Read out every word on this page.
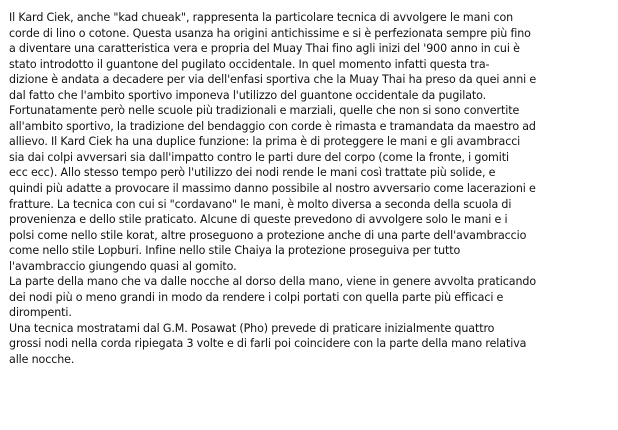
Il Kard Ciek, anche "kad chueak", rappresenta la particolare tecnica di avvolgere le mani con
corde di lino o cotone. Questa usanza ha origini antichissime e si è perfezionata sempre più fino
a diventare una caratteristica vera e propria del Muay Thai fino agli inizi del '900 anno in cui è
stato introdotto il guantone del pugilato occidentale. In quel momento infatti questa tra-
dizione è andata a decadere per via dell'enfasi sportiva che la Muay Thai ha preso da quei anni e
dal fatto che l'ambito sportivo imponeva l'utilizzo del guantone occidentale da pugilato.
Fortunatamente però nelle scuole più tradizionali e marziali, quelle che non si sono convertite
all'ambito sportivo, la tradizione del bendaggio con corde è rimasta e tramandata da maestro ad
allievo. Il Kard Ciek ha una duplice funzione: la prima è di proteggere le mani e gli avambracci
sia dai colpi avversari sia dall'impatto contro le parti dure del corpo (come la fronte, i gomiti
ecc ecc). Allo stesso tempo però l'utilizzo dei nodi rende le mani così trattate più solide, e
quindi più adatte a provocare il massimo danno possibile al nostro avversario come lacerazioni e
fratture. La tecnica con cui si "cordavano" le mani, è molto diversa a seconda della scuola di
provenienza e dello stile praticato. Alcune di queste prevedono di avvolgere solo le mani e i
polsi come nello stile korat, altre proseguono a protezione anche di una parte dell'avambraccio
come nello stile Lopburi. Infine nello stile Chaiya la protezione proseguiva per tutto
l'avambraccio giungendo quasi al gomito.
La parte della mano che va dalle nocche al dorso della mano, viene in genere avvolta praticando
dei nodi più o meno grandi in modo da rendere i colpi portati con quella parte più efficaci e
dirompenti.
Una tecnica mostratami dal G.M. Posawat (Pho) prevede di praticare inizialmente quattro
grossi nodi nella corda ripiegata 3 volte e di farli poi coincidere con la parte della mano relativa
alle nocche.
